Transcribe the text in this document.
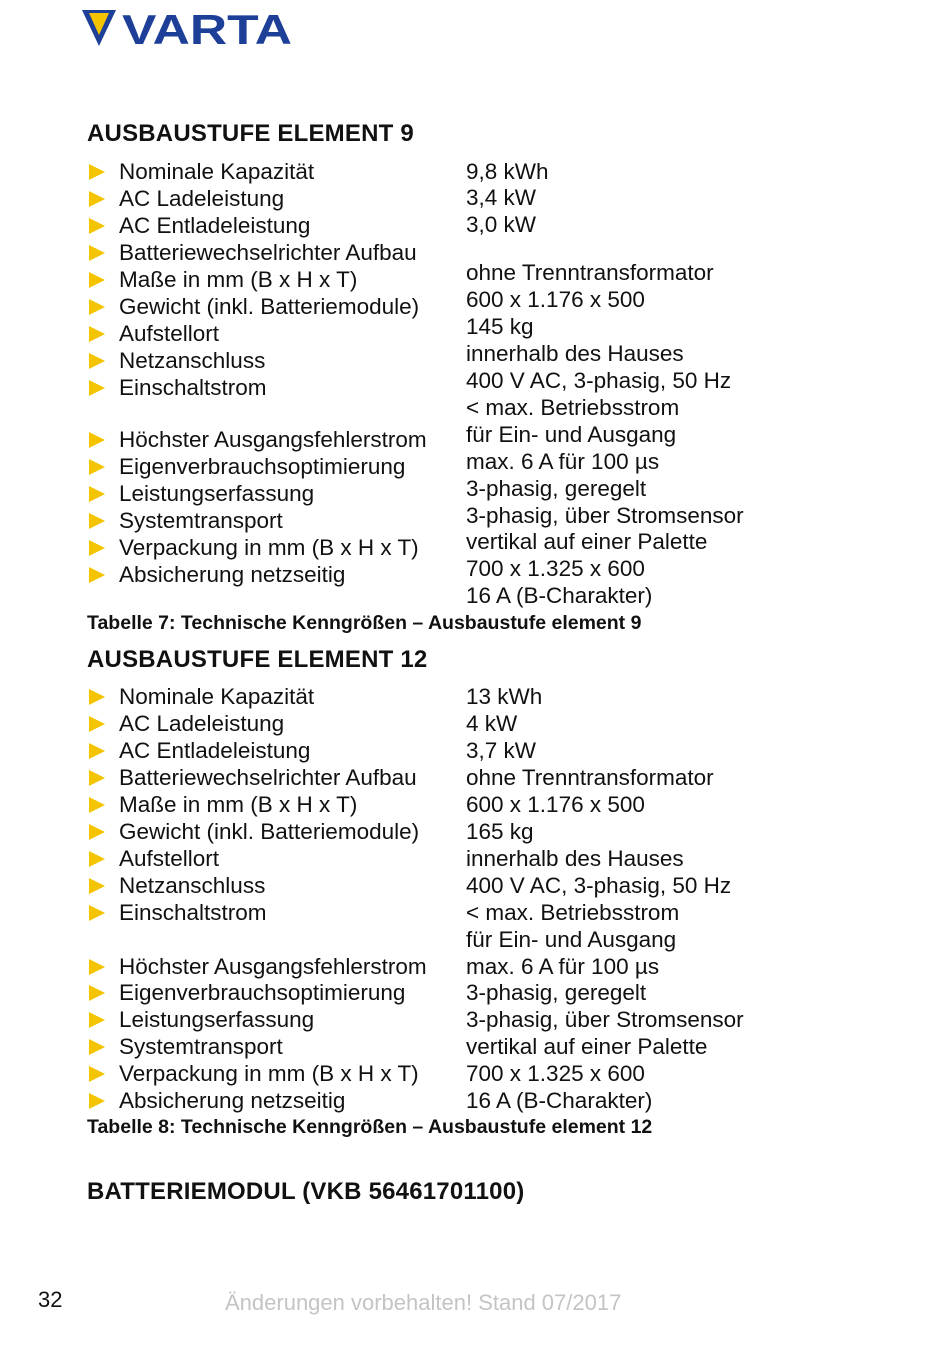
VARTA
AUSBAUSTUFE ELEMENT 9
Nominale Kapazität
AC Ladeleistung
AC Entladeleistung
Batteriewechselrichter Aufbau
Maße in mm (B x H x T)
Gewicht (inkl. Batteriemodule)
Aufstellort
Netzanschluss
Einschaltstrom
Höchster Ausgangsfehlerstrom
Eigenverbrauchsoptimierung
Leistungserfassung
Systemtransport
Verpackung in mm (B x H x T)
Absicherung netzseitig
9,8 kWh
3,4 kW
3,0 kW
ohne Trenntransformator
600 x 1.176 x 500
145 kg
innerhalb des Hauses
400 V AC, 3-phasig, 50 Hz
< max. Betriebsstrom
für Ein- und Ausgang
max. 6 A für 100 µs
3-phasig, geregelt
3-phasig, über Stromsensor
vertikal auf einer Palette
700 x 1.325 x 600
16 A (B-Charakter)

Tabelle 7: Technische Kenngrößen – Ausbaustufe element 9

AUSBAUSTUFE ELEMENT 12
Nominale Kapazität
AC Ladeleistung
AC Entladeleistung
Batteriewechselrichter Aufbau
Maße in mm (B x H x T)
Gewicht (inkl. Batteriemodule)
Aufstellort
Netzanschluss
Einschaltstrom
Höchster Ausgangsfehlerstrom
Eigenverbrauchsoptimierung
Leistungserfassung
Systemtransport
Verpackung in mm (B x H x T)
Absicherung netzseitig
13 kWh
4 kW
3,7 kW
ohne Trenntransformator
600 x 1.176 x 500
165 kg
innerhalb des Hauses
400 V AC, 3-phasig, 50 Hz
< max. Betriebsstrom
für Ein- und Ausgang
max. 6 A für 100 µs
3-phasig, geregelt
3-phasig, über Stromsensor
vertikal auf einer Palette
700 x 1.325 x 600
16 A (B-Charakter)

Tabelle 8: Technische Kenngrößen – Ausbaustufe element 12

BATTERIEMODUL (VKB 56461701100)
32	Änderungen vorbehalten! Stand 07/2017
